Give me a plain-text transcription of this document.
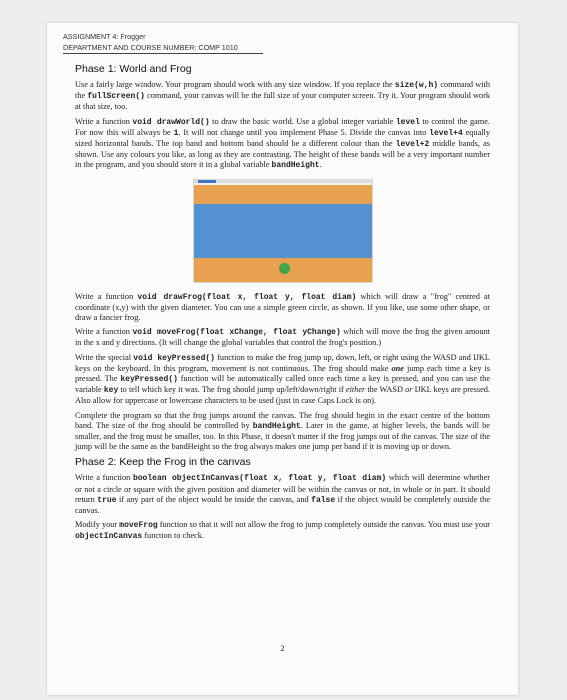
ASSIGNMENT 4: Frogger
DEPARTMENT AND COURSE NUMBER: COMP 1010
Phase 1: World and Frog

Use a fairly large window. Your program should work with any size window. If you replace the size(w,h) command with the fullScreen() command, your canvas will be the full size of your computer screen. Try it. Your program should work at that size, too.

Write a function void drawWorld() to draw the basic world. Use a global integer variable level to control the game. For now this will always be 1. It will not change until you implement Phase 5. Divide the canvas into level+4 equally sized horizontal bands. The top band and bottom band should be a different colour than the level+2 middle bands, as shown. Use any colours you like, as long as they are contrasting. The height of these bands will be a very important number in the program, and you should store it in a global variable bandHeight.

Write a function void drawFrog(float x, float y, float diam) which will draw a "frog" centred at coordinate (x,y) with the given diameter. You can use a simple green circle, as shown. If you like, use some other shape, or draw a fancier frog.

Write a function void moveFrog(float xChange, float yChange) which will move the frog the given amount in the x and y directions. (It will change the global variables that control the frog's position.)

Write the special void keyPressed() function to make the frog jump up, down, left, or right using the WASD and IJKL keys on the keyboard. In this program, movement is not continuous. The frog should make one jump each time a key is pressed. The keyPressed() function will be automatically called once each time a key is pressed, and you can use the variable key to tell which key it was. The frog should jump up/left/down/right if either the WASD or IJKL keys are pressed. Also allow for uppercase or lowercase characters to be used (just in case Caps Lock is on).

Complete the program so that the frog jumps around the canvas. The frog should begin in the exact centre of the bottom band. The size of the frog should be controlled by bandHeight. Later in the game, at higher levels, the bands will be smaller, and the frog must be smaller, too. In this Phase, it doesn't matter if the frog jumps out of the canvas. The size of the jump will be the same as the bandHeight so the frog always makes one jump per band if it is moving up or down.

Phase 2: Keep the Frog in the canvas

Write a function boolean objectInCanvas(float x, float y, float diam) which will determine whether or not a circle or square with the given position and diameter will be within the canvas or not, in whole or in part. It should return true if any part of the object would be inside the canvas, and false if the object would be completely outside the canvas.

Modify your moveFrog function so that it will not allow the frog to jump completely outside the canvas. You must use your objectInCanvas function to check.

2
